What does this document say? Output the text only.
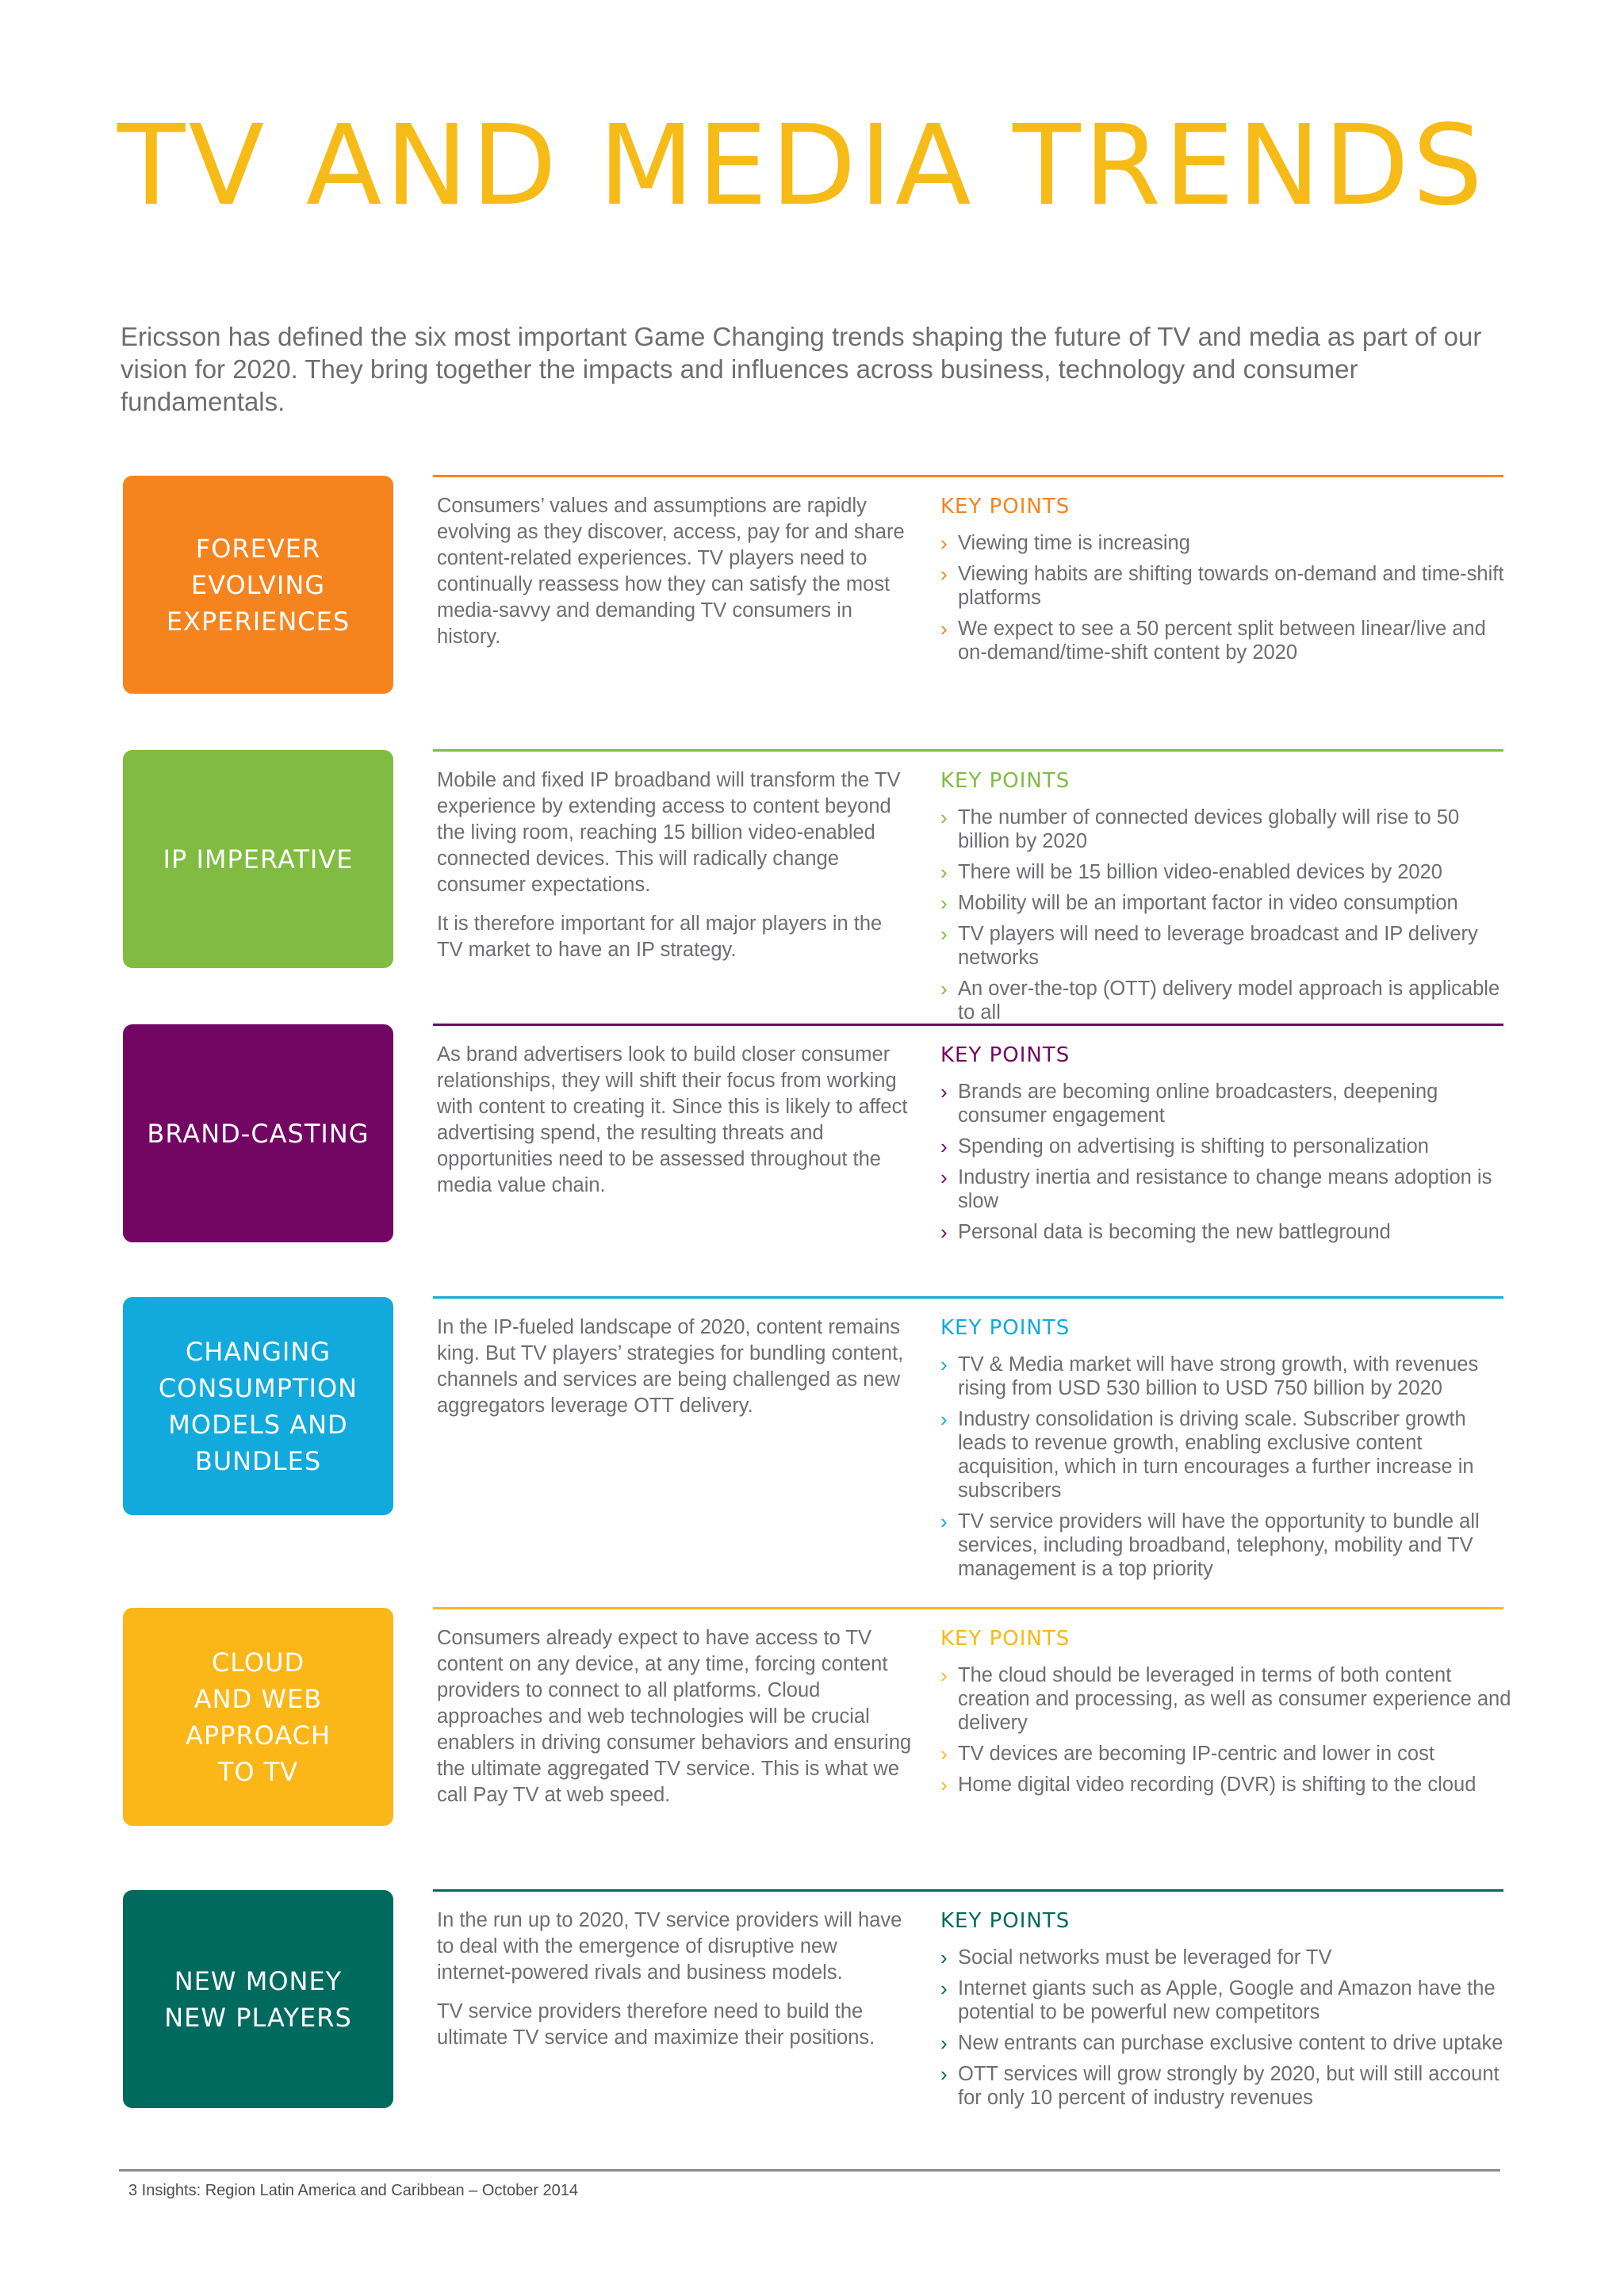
TV AND MEDIA TRENDS

Ericsson has defined the six most important Game Changing trends shaping the future of TV and media as part of our vision for 2020. They bring together the impacts and influences across business, technology and consumer fundamentals.

FOREVER
EVOLVING
EXPERIENCES

Consumers’ values and assumptions are rapidly evolving as they discover, access, pay for and share content-related experiences. TV players need to continually reassess how they can satisfy the most media-savvy and demanding TV consumers in history.

KEY POINTS
› Viewing time is increasing
› Viewing habits are shifting towards on-demand and time-shift platforms
› We expect to see a 50 percent split between linear/live and on-demand/time-shift content by 2020
IP IMPERATIVE

Mobile and fixed IP broadband will transform the TV experience by extending access to content beyond the living room, reaching 15 billion video-enabled connected devices. This will radically change consumer expectations.

It is therefore important for all major players in the TV market to have an IP strategy.

KEY POINTS
› The number of connected devices globally will rise to 50 billion by 2020
› There will be 15 billion video-enabled devices by 2020
› Mobility will be an important factor in video consumption
› TV players will need to leverage broadcast and IP delivery networks
› An over-the-top (OTT) delivery model approach is applicable to all
BRAND-CASTING

As brand advertisers look to build closer consumer relationships, they will shift their focus from working with content to creating it. Since this is likely to affect advertising spend, the resulting threats and opportunities need to be assessed throughout the media value chain.

KEY POINTS
› Brands are becoming online broadcasters, deepening consumer engagement
› Spending on advertising is shifting to personalization
› Industry inertia and resistance to change means adoption is slow
› Personal data is becoming the new battleground
CHANGING
CONSUMPTION
MODELS AND
BUNDLES

In the IP-fueled landscape of 2020, content remains king. But TV players’ strategies for bundling content, channels and services are being challenged as new aggregators leverage OTT delivery.

KEY POINTS
› TV & Media market will have strong growth, with revenues rising from USD 530 billion to USD 750 billion by 2020
› Industry consolidation is driving scale. Subscriber growth leads to revenue growth, enabling exclusive content acquisition, which in turn encourages a further increase in subscribers
› TV service providers will have the opportunity to bundle all services, including broadband, telephony, mobility and TV management is a top priority
CLOUD
AND WEB
APPROACH
TO TV

Consumers already expect to have access to TV content on any device, at any time, forcing content providers to connect to all platforms. Cloud approaches and web technologies will be crucial enablers in driving consumer behaviors and ensuring the ultimate aggregated TV service. This is what we call Pay TV at web speed.

KEY POINTS
› The cloud should be leveraged in terms of both content creation and processing, as well as consumer experience and delivery
› TV devices are becoming IP-centric and lower in cost
› Home digital video recording (DVR) is shifting to the cloud
NEW MONEY
NEW PLAYERS

In the run up to 2020, TV service providers will have to deal with the emergence of disruptive new internet-powered rivals and business models.

TV service providers therefore need to build the ultimate TV service and maximize their positions.

KEY POINTS
› Social networks must be leveraged for TV
› Internet giants such as Apple, Google and Amazon have the potential to be powerful new competitors
› New entrants can purchase exclusive content to drive uptake
› OTT services will grow strongly by 2020, but will still account for only 10 percent of industry revenues
3 Insights: Region Latin America and Caribbean – October 2014
